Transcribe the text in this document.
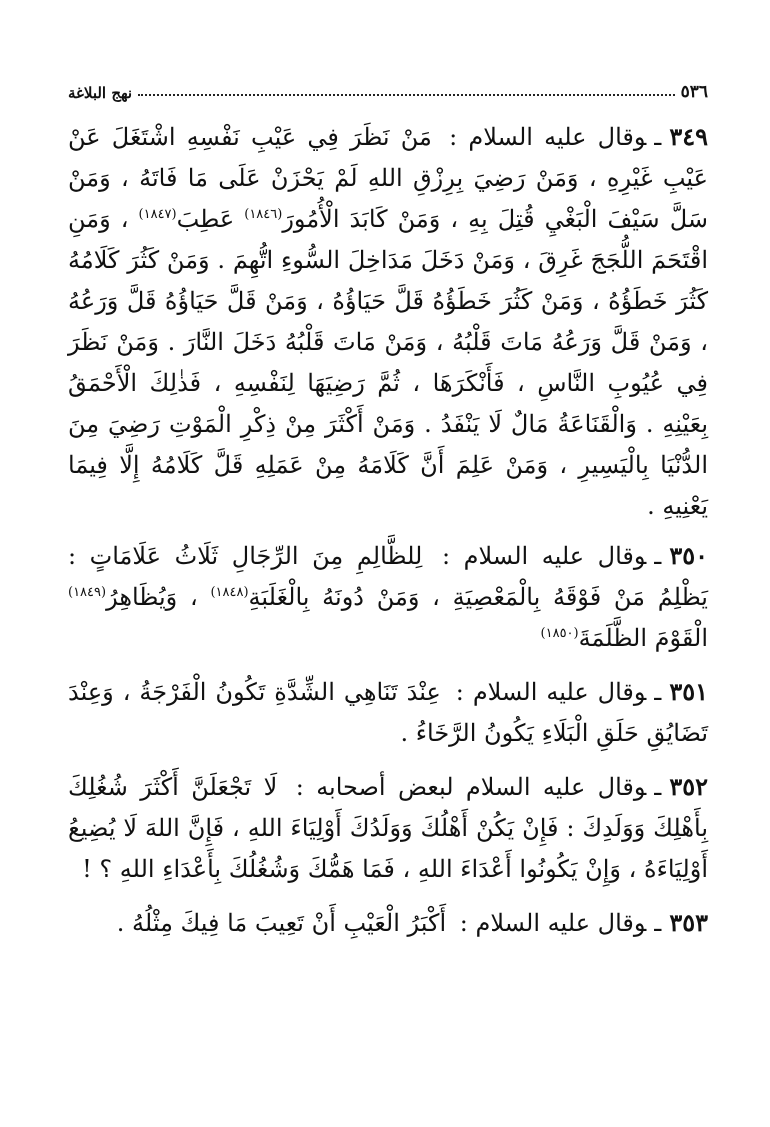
٥٣٦
نهج البلاغة

٣٤٩ـوقال عليه السلام : مَنْ نَظَرَ فِي عَيْبِ نَفْسِهِ اشْتَغَلَ عَنْ عَيْبِ غَيْرِهِ ، وَمَنْ رَضِيَ بِرِزْقِ اللهِ لَمْ يَحْزَنْ عَلَى مَا فَاتَهُ ، وَمَنْ سَلَّ سَيْفَ الْبَغْيِ قُتِلَ بِهِ ، وَمَنْ كَابَدَ الْأُمُورَ$^{(١٨٤٦)}$ عَطِبَ$^{(١٨٤٧)}$ ، وَمَنِ اقْتَحَمَ اللُّجَجَ غَرِقَ ، وَمَنْ دَخَلَ مَدَاخِلَ السُّوءِ اتُّهِمَ . وَمَنْ كَثُرَ كَلَامُهُ كَثُرَ خَطَؤُهُ ، وَمَنْ كَثُرَ خَطَؤُهُ قَلَّ حَيَاؤُهُ ، وَمَنْ قَلَّ حَيَاؤُهُ قَلَّ وَرَعُهُ ، وَمَنْ قَلَّ وَرَعُهُ مَاتَ قَلْبُهُ ، وَمَنْ مَاتَ قَلْبُهُ دَخَلَ النَّارَ . وَمَنْ نَظَرَ فِي عُيُوبِ النَّاسِ ، فَأَنْكَرَهَا ، ثُمَّ رَضِيَهَا لِنَفْسِهِ ، فَذٰلِكَ الْأَحْمَقُ بِعَيْنِهِ . وَالْقَنَاعَةُ مَالٌ لَا يَنْفَدُ . وَمَنْ أَكْثَرَ مِنْ ذِكْرِ الْمَوْتِ رَضِيَ مِنَ الدُّنْيَا بِالْيَسِيرِ ، وَمَنْ عَلِمَ أَنَّ كَلَامَهُ مِنْ عَمَلِهِ قَلَّ كَلَامُهُ إِلَّا فِيمَا يَعْنِيهِ .

٣٥٠ـوقال عليه السلام : لِلظَّالِمِ مِنَ الرِّجَالِ ثَلَاثُ عَلَامَاتٍ : يَظْلِمُ مَنْ فَوْقَهُ بِالْمَعْصِيَةِ ، وَمَنْ دُونَهُ بِالْغَلَبَةِ$^{(١٨٤٨)}$ ، وَيُظَاهِرُ$^{(١٨٤٩)}$ الْقَوْمَ الظَّلَمَةَ$^{(١٨٥٠)}$

٣٥١ـوقال عليه السلام : عِنْدَ تَنَاهِي الشِّدَّةِ تَكُونُ الْفَرْجَةُ ، وَعِنْدَ تَضَايُقِ حَلَقِ الْبَلَاءِ يَكُونُ الرَّخَاءُ .

٣٥٢ـوقال عليه السلام لبعض أصحابه : لَا تَجْعَلَنَّ أَكْثَرَ شُغُلِكَ بِأَهْلِكَ وَوَلَدِكَ : فَإِنْ يَكُنْ أَهْلُكَ وَوَلَدُكَ أَوْلِيَاءَ اللهِ ، فَإِنَّ اللهَ لَا يُضِيعُ أَوْلِيَاءَهُ ، وَإِنْ يَكُونُوا أَعْدَاءَ اللهِ ، فَمَا هَمُّكَ وَشُغُلُكَ بِأَعْدَاءِ اللهِ ؟ !

٣٥٣ـوقال عليه السلام : أَكْبَرُ الْعَيْبِ أَنْ تَعِيبَ مَا فِيكَ مِثْلُهُ .
